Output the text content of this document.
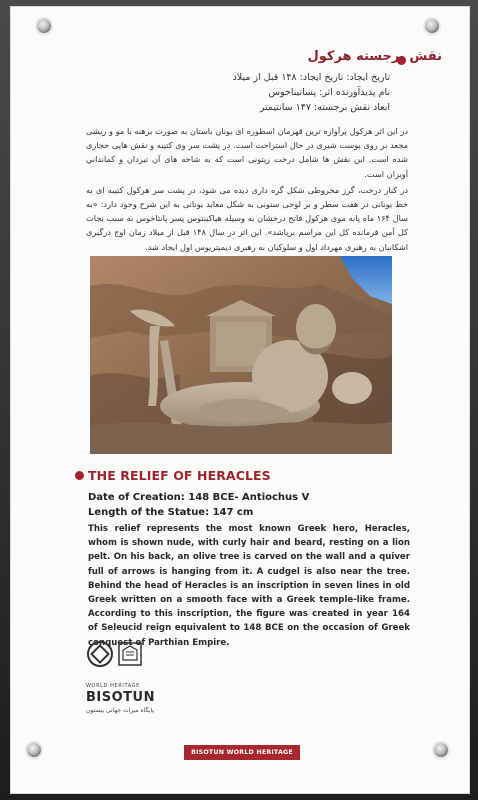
نقش برجسته هرکول
تاریخ ایجاد: تاریخ ایجاد: ۱۴۸ قبل از میلاد
نام پدیدآورنده اثر: پساتیناخوس
ابعاد نقش برجسته: ۱۴۷ سانتیمتر

در این اثر هرکول پرآوازه ترین قهرمان اسطوره ای یونان باستان به صورت برهنه با مو و ریشی مجعد بر روی پوست شیری در حال استراحت است. در پشت سر وی کتیبه و نقش هایی حجاری شده است. این نقش ها شامل درخت زیتونی است که به شاخه های آن تیردان و کمانداني آویزان است.

در کنار درخت، گرز مخروطی شکل گره داری دیده می شود، در پشت سر هرکول کتیبه ای به خط یونانی در هفت سطر و بر لوحی ستونی به شکل معابد یونانی به این شرح وجود دارد: «به سال ۱۶۴ ماه پانه موی هرکول فاتح درخشان به وسیله هیاکینتوس پسر پانتاخوس به سبب نجات کل آمن فرمانده کل این مراسم برپاشد». این اثر در سال ۱۴۸ قبل از میلاد زمان اوج درگیری اشکانیان به رهبری مهرداد اول و سلوکیان به رهبری دیمیتریوس اول ایجاد شد.

THE RELIEF OF HERACLES
Date of Creation: 148 BCE- Antiochus V
Length of the Statue: 147 cm
This relief represents the most known Greek hero, Heracles, whom is shown nude, with curly hair and beard, resting on a lion pelt. On his back, an olive tree is carved on the wall and a quiver full of arrows is hanging from it. A cudgel is also near the tree. Behind the head of Heracles is an inscription in seven lines in old Greek written on a smooth face with a Greek temple-like frame. According to this inscription, the figure was created in year 164 of Seleucid reign equivalent to 148 BCE on the occasion of Greek conquest of Parthian Empire.
WORLD HERITAGE
BISOTUN
پایگاه میراث جهانی بیستون
BISOTUN WORLD HERITAGE SITE
